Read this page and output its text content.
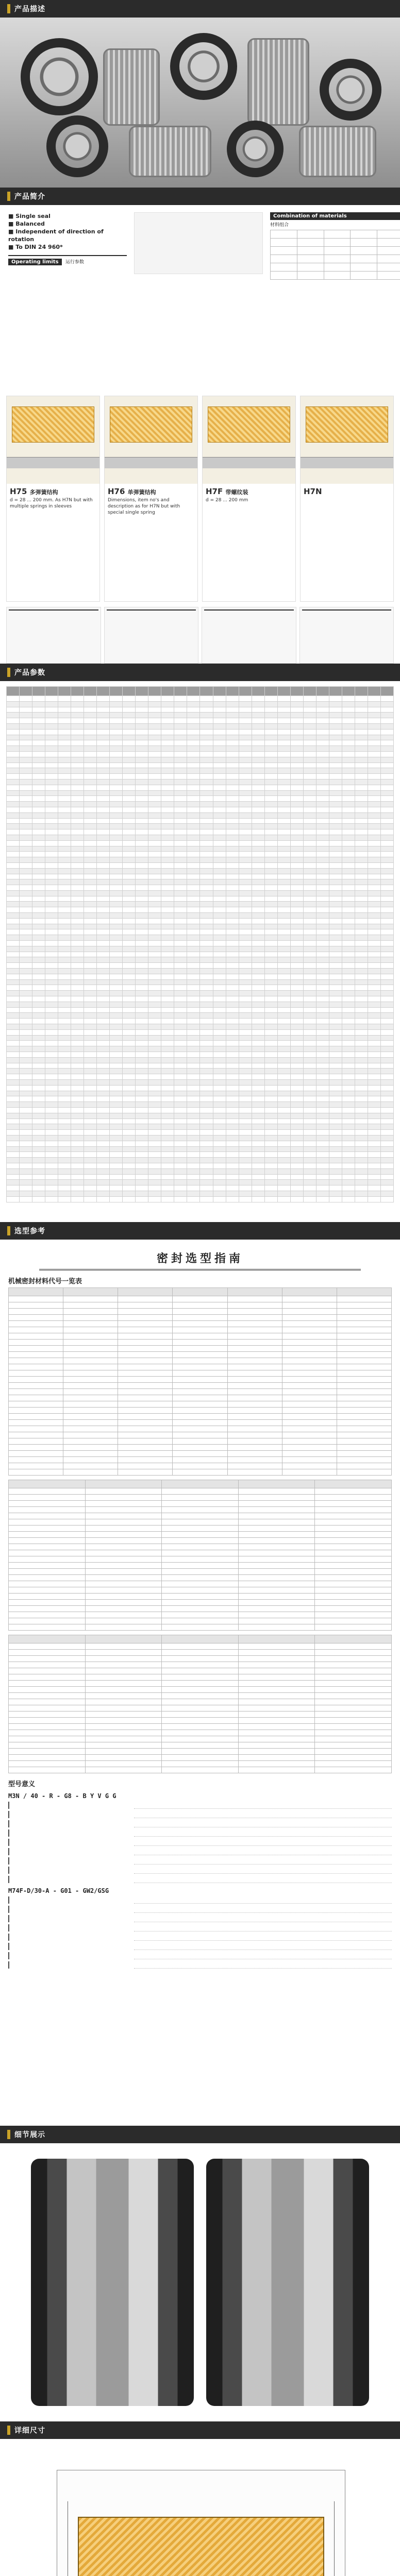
产品描述
产品简介
■ Single seal
■ Balanced
■ Independent of direction of rotation
■ To DIN 24 960*
Operating limits 运行参数
Combination of materials
材料组合

H75 多弹簧结构
d = 28 ... 200 mm. As H7N but with multiple springs in sleeves
H76 单弹簧结构
Dimensions, item no's and description as for H7N but with special single spring
H7F 带螺纹装
d = 28 ... 200 mm
H7N
产品参数

选型参考
密封选型指南
机械密封材料代号一览表

型号意义
M3N / 40 - R - G8 - B Y V G G
M74F-D/30-A - G01 - GW2/GSG
细节展示
详细尺寸
